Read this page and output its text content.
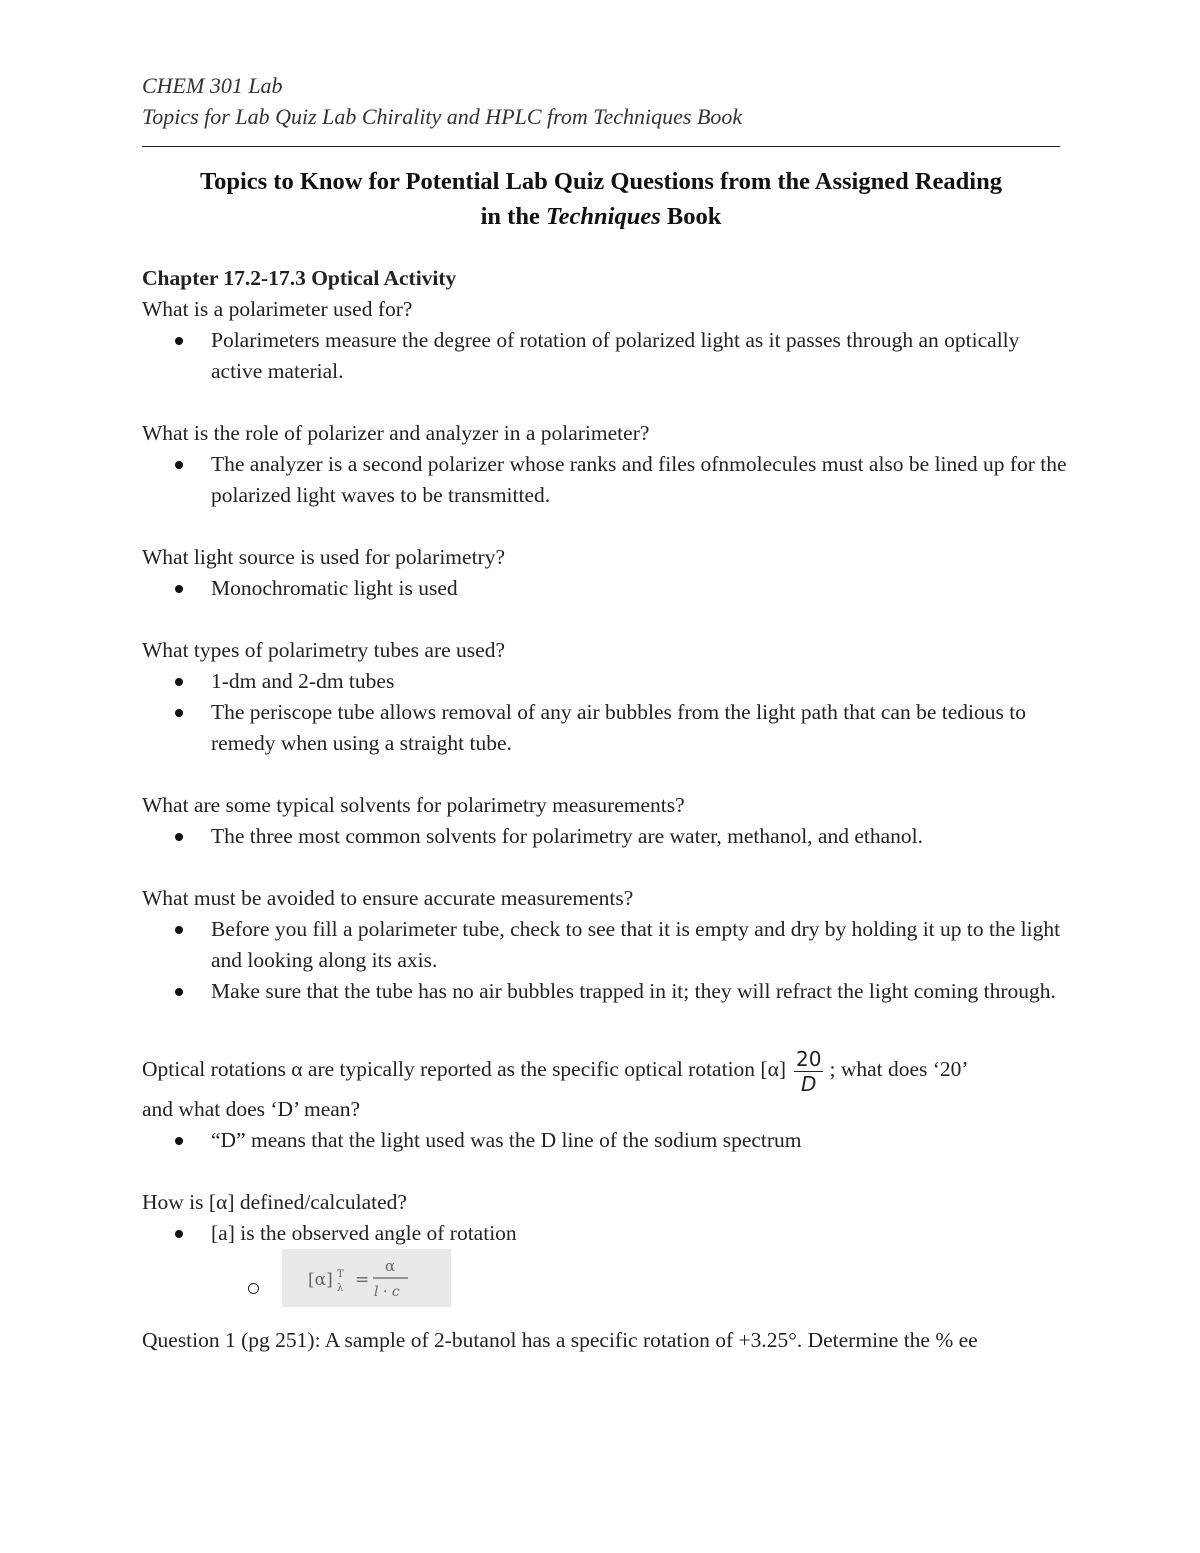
CHEM 301 Lab
Topics for Lab Quiz Lab Chirality and HPLC from Techniques Book
Topics to Know for Potential Lab Quiz Questions from the Assigned Reading
in the Techniques Book

Chapter 17.2-17.3 Optical Activity

What is a polarimeter used for?

Polarimeters measure the degree of rotation of polarized light as it passes through an optically active material.

What is the role of polarizer and analyzer in a polarimeter?

The analyzer is a second polarizer whose ranks and files ofnmolecules must also be lined up for the polarized light waves to be transmitted.

What light source is used for polarimetry?

Monochromatic light is used

What types of polarimetry tubes are used?

1-dm and 2-dm tubes
The periscope tube allows removal of any air bubbles from the light path that can be tedious to remedy when using a straight tube.

What are some typical solvents for polarimetry measurements?

The three most common solvents for polarimetry are water, methanol, and ethanol.

What must be avoided to ensure accurate measurements?

Before you fill a polarimeter tube, check to see that it is empty and dry by holding it up to the light and looking along its axis.
Make sure that the tube has no air bubbles trapped in it; they will refract the light coming through.

Optical rotations α are typically reported as the specific optical rotation $[\alpha] \frac{20}{D}$ ; what does ‘20’

and what does ‘D’ mean?

“D” means that the light used was the D line of the sodium spectrum

How is [α] defined/calculated?

[a] is the observed angle of rotation
[α] T
λ =
α
l · c

Question 1 (pg 251): A sample of 2-butanol has a specific rotation of +3.25°. Determine the % ee
